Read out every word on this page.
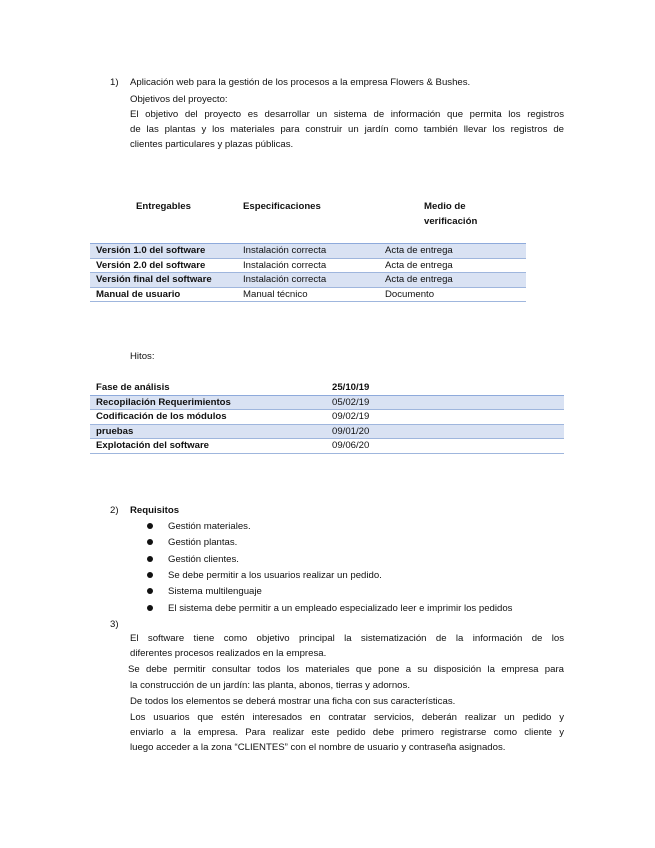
1) Aplicación web para la gestión de los procesos a la empresa Flowers & Bushes.
Objetivos del proyecto:
El objetivo del proyecto es desarrollar un sistema de información que permita los registros
de las plantas y los materiales para construir un jardín como también llevar los registros de
clientes particulares y plazas públicas.
Entregables	Especificaciones	Medio de
verificación
Versión 1.0 del software	Instalación correcta	Acta de entrega
Versión 2.0 del software	Instalación correcta	Acta de entrega
Versión final del software	Instalación correcta	Acta de entrega
Manual de usuario	Manual técnico	Documento
Hitos:
Fase de análisis	25/10/19
Recopilación Requerimientos	05/02/19
Codificación de los módulos	09/02/19
pruebas	09/01/20
Explotación del software	09/06/20
2) Requisitos
Gestión materiales.
Gestión plantas.
Gestión clientes.
Se debe permitir a los usuarios realizar un pedido.
Sistema multilenguaje
El sistema debe permitir a un empleado especializado leer e imprimir los pedidos
3)
El software tiene como objetivo principal la sistematización de la información de los
diferentes procesos realizados en la empresa.
Se debe permitir consultar todos los materiales que pone a su disposición la empresa para
la construcción de un jardín: las planta, abonos, tierras y adornos.
De todos los elementos se deberá mostrar una ficha con sus características.
Los usuarios que estén interesados en contratar servicios, deberán realizar un pedido y
enviarlo a la empresa. Para realizar este pedido debe primero registrarse como cliente y
luego acceder a la zona “CLIENTES” con el nombre de usuario y contraseña asignados.
